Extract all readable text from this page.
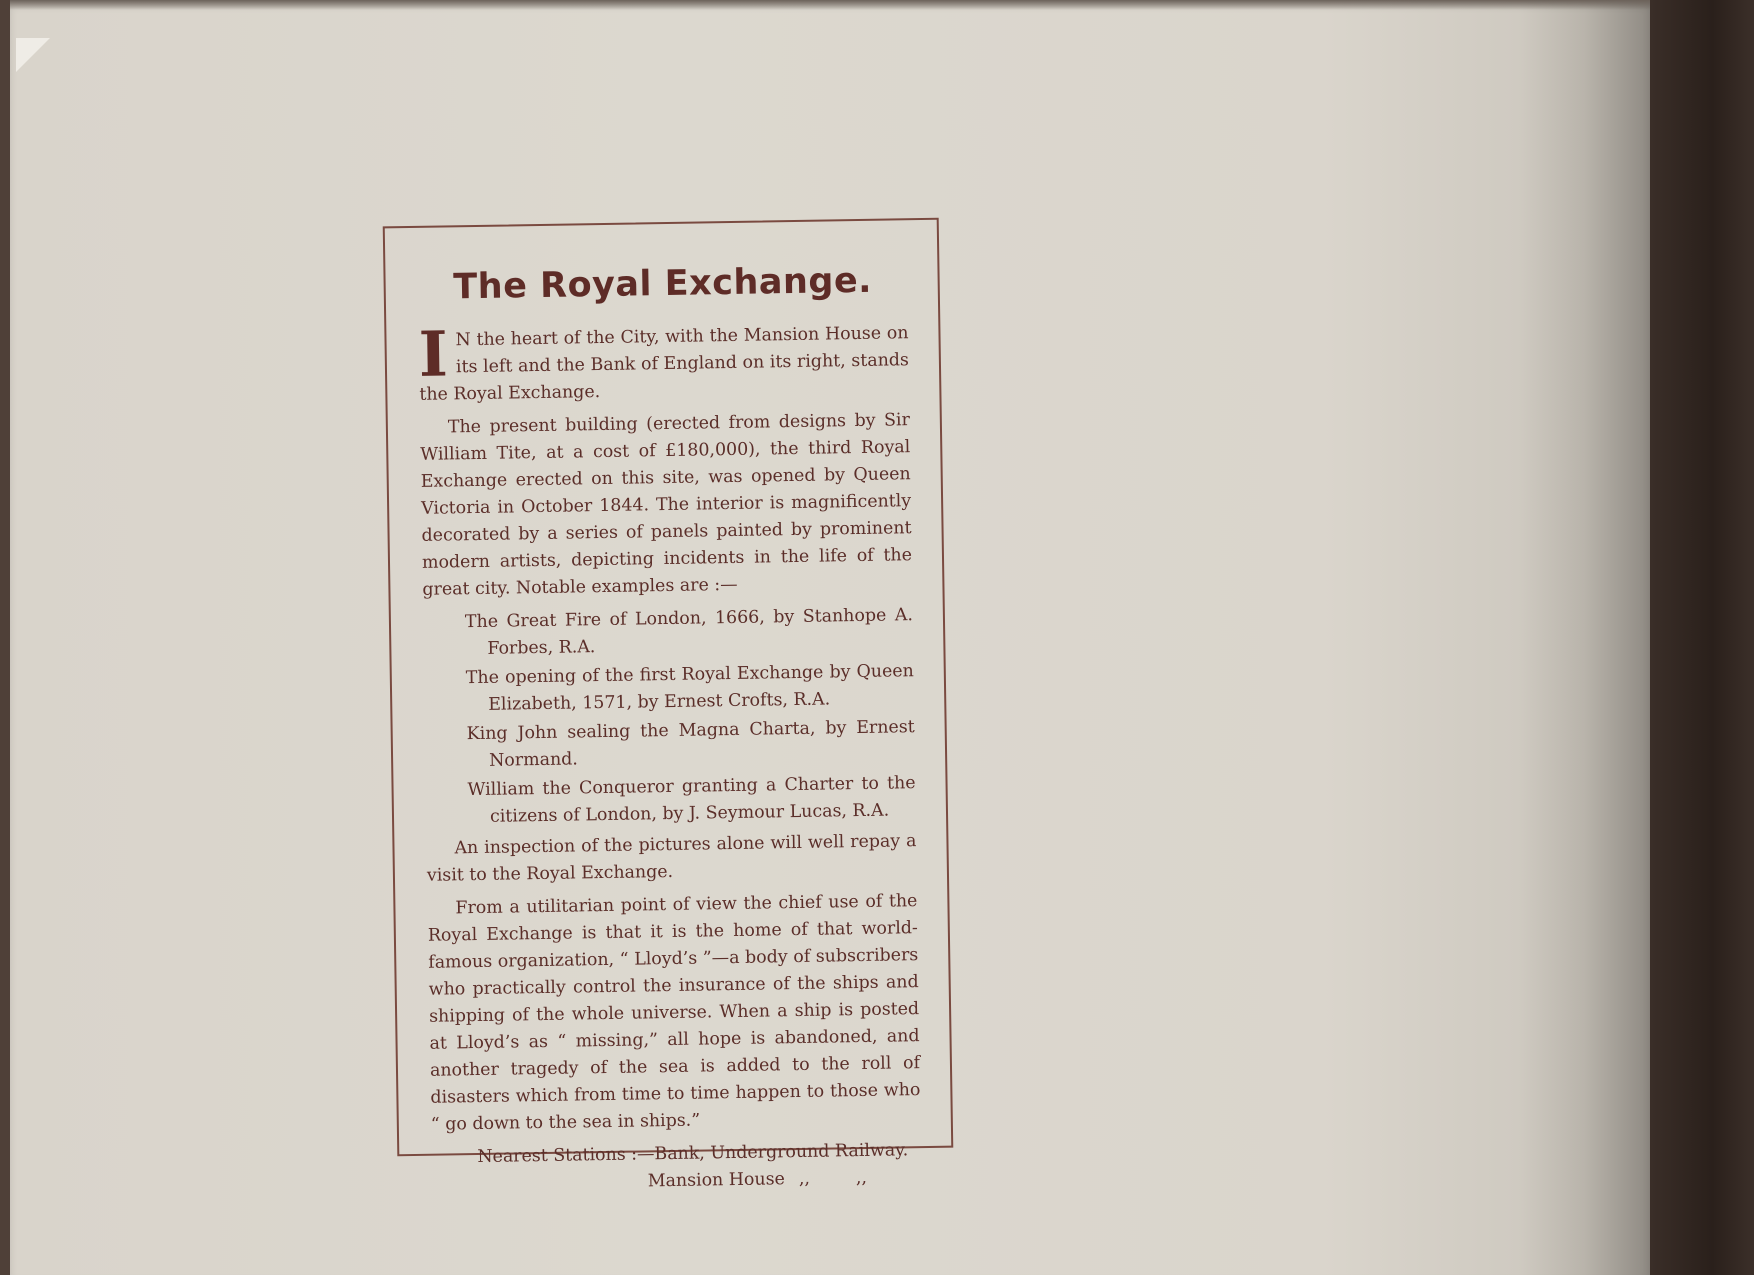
The Royal Exchange.

I N the heart of the City, with the Mansion House on its left and the Bank of England on its right, stands the Royal Exchange.

The present building (erected from designs by Sir William Tite, at a cost of £180,000), the third Royal Exchange erected on this site, was opened by Queen Victoria in October 1844. The interior is magnificently decorated by a series of panels painted by prominent modern artists, depicting incidents in the life of the great city. Notable examples are :—

The Great Fire of London, 1666, by Stanhope A. Forbes, R.A.
The opening of the first Royal Exchange by Queen Elizabeth, 1571, by Ernest Crofts, R.A.
King John sealing the Magna Charta, by Ernest Normand.
William the Conqueror granting a Charter to the citizens of London, by J. Seymour Lucas, R.A.

An inspection of the pictures alone will well repay a visit to the Royal Exchange.

From a utilitarian point of view the chief use of the Royal Exchange is that it is the home of that world-famous organization, “ Lloyd’s ”—a body of subscribers who practically control the insurance of the ships and shipping of the whole universe. When a ship is posted at Lloyd’s as “ missing,” all hope is abandoned, and another tragedy of the sea is added to the roll of disasters which from time to time happen to those who “ go down to the sea in ships.”

Nearest Stations :—Bank, Underground Railway.
Mansion House ,,	,,
